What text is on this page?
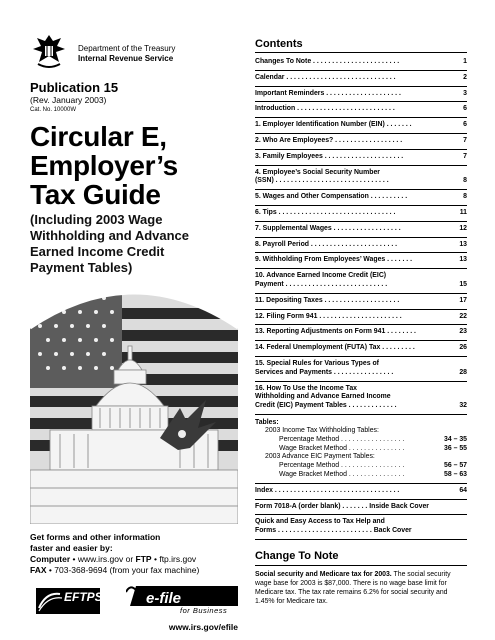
Department of the Treasury
Internal Revenue Service
Publication 15
(Rev. January 2003)
Cat. No. 10000W
Circular E,
Employer’s
Tax Guide
(Including 2003 Wage
Withholding and Advance
Earned Income Credit
Payment Tables)
Get forms and other information
faster and easier by:
Computer • www.irs.gov or FTP • ftp.irs.gov
FAX • 703-368-9694 (from your fax machine)
EFTPS	e-file
for Business
www.irs.gov/efile
Contents
Changes To Note . . . . . . . . . . . . . . . . . . . . . . .	1
Calendar . . . . . . . . . . . . . . . . . . . . . . . . . . . . .	2
Important Reminders . . . . . . . . . . . . . . . . . . . .	3
Introduction . . . . . . . . . . . . . . . . . . . . . . . . . .	6
1. Employer Identification Number (EIN) . . . . . . .	6
2. Who Are Employees? . . . . . . . . . . . . . . . . . .	7
3. Family Employees . . . . . . . . . . . . . . . . . . . . .	7
4. Employee’s Social Security Number
(SSN) . . . . . . . . . . . . . . . . . . . . . . . . . . . . . .	8
5. Wages and Other Compensation . . . . . . . . . .	8
6. Tips . . . . . . . . . . . . . . . . . . . . . . . . . . . . . . .	11
7. Supplemental Wages . . . . . . . . . . . . . . . . . .	12
8. Payroll Period . . . . . . . . . . . . . . . . . . . . . . .	13
9. Withholding From Employees’ Wages . . . . . . .	13
10. Advance Earned Income Credit (EIC)
Payment . . . . . . . . . . . . . . . . . . . . . . . . . . .	15
11. Depositing Taxes . . . . . . . . . . . . . . . . . . . .	17
12. Filing Form 941 . . . . . . . . . . . . . . . . . . . . . .	22
13. Reporting Adjustments on Form 941 . . . . . . . .	23
14. Federal Unemployment (FUTA) Tax . . . . . . . . .	26
15. Special Rules for Various Types of
Services and Payments . . . . . . . . . . . . . . . .	28
16. How To Use the Income Tax
Withholding and Advance Earned Income
Credit (EIC) Payment Tables . . . . . . . . . . . . .	32
Tables:
2003 Income Tax Withholding Tables:
Percentage Method . . . . . . . . . . . . . . . . .	34 – 35
Wage Bracket Method . . . . . . . . . . . . . . .	36 – 55
2003 Advance EIC Payment Tables:
Percentage Method . . . . . . . . . . . . . . . . .	56 – 57
Wage Bracket Method . . . . . . . . . . . . . . .	58 – 63
Index . . . . . . . . . . . . . . . . . . . . . . . . . . . . . . . . .	64
Form 7018-A (order blank) . . . . . . . Inside Back Cover
Quick and Easy Access to Tax Help and
Forms . . . . . . . . . . . . . . . . . . . . . . . . . Back Cover
Change To Note
Social security and Medicare tax for 2003. The social security wage base for 2003 is $87,000. There is no wage base limit for Medicare tax. The tax rate remains 6.2% for social security and 1.45% for Medicare tax.
